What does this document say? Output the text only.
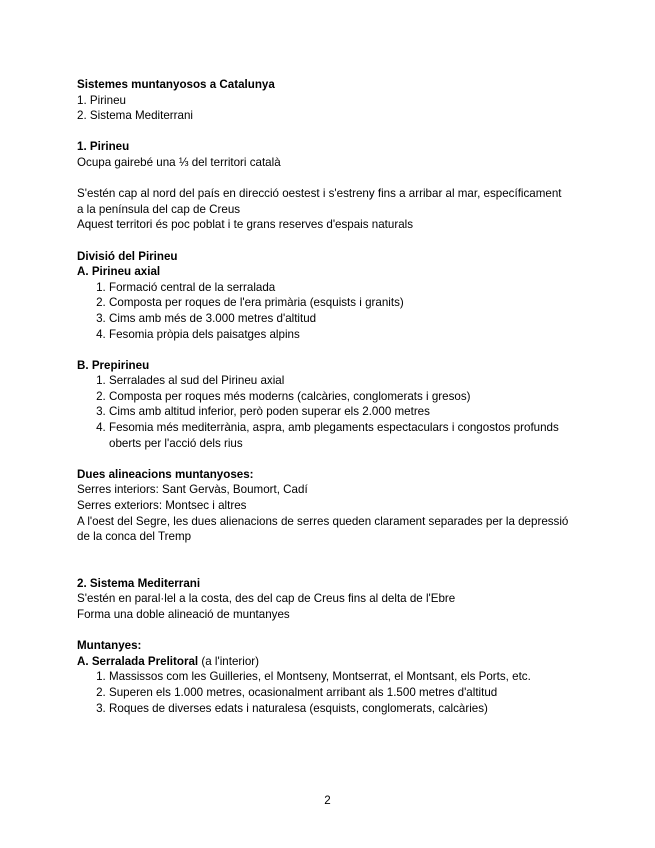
Sistemes muntanyosos a Catalunya
1. Pirineu
2. Sistema Mediterrani
1. Pirineu
Ocupa gairebé una ⅓ del territori català
S'estén cap al nord del país en direcció oestest i s'estreny fins a arribar al mar, específicament
a la península del cap de Creus
Aquest territori és poc poblat i te grans reserves d'espais naturals
Divisió del Pirineu
A. Pirineu axial
1. Formació central de la serralada
2. Composta per roques de l'era primària (esquists i granits)
3. Cims amb més de 3.000 metres d'altitud
4. Fesomia pròpia dels paisatges alpins
B. Prepirineu
1. Serralades al sud del Pirineu axial
2. Composta per roques més moderns (calcàries, conglomerats i gresos)
3. Cims amb altitud inferior, però poden superar els 2.000 metres
4. Fesomia més mediterrània, aspra, amb plegaments espectaculars i congostos profunds oberts per l'acció dels rius
Dues alineacions muntanyoses:
Serres interiors: Sant Gervàs, Boumort, Cadí
Serres exteriors: Montsec i altres
A l'oest del Segre, les dues alienacions de serres queden clarament separades per la depressió
de la conca del Tremp
2. Sistema Mediterrani
S'estén en paral·lel a la costa, des del cap de Creus fins al delta de l'Ebre
Forma una doble alineació de muntanyes
Muntanyes:
A. Serralada Prelitoral (a l'interior)
1. Massissos com les Guilleries, el Montseny, Montserrat, el Montsant, els Ports, etc.
2. Superen els 1.000 metres, ocasionalment arribant als 1.500 metres d'altitud
3. Roques de diverses edats i naturalesa (esquists, conglomerats, calcàries)
2
